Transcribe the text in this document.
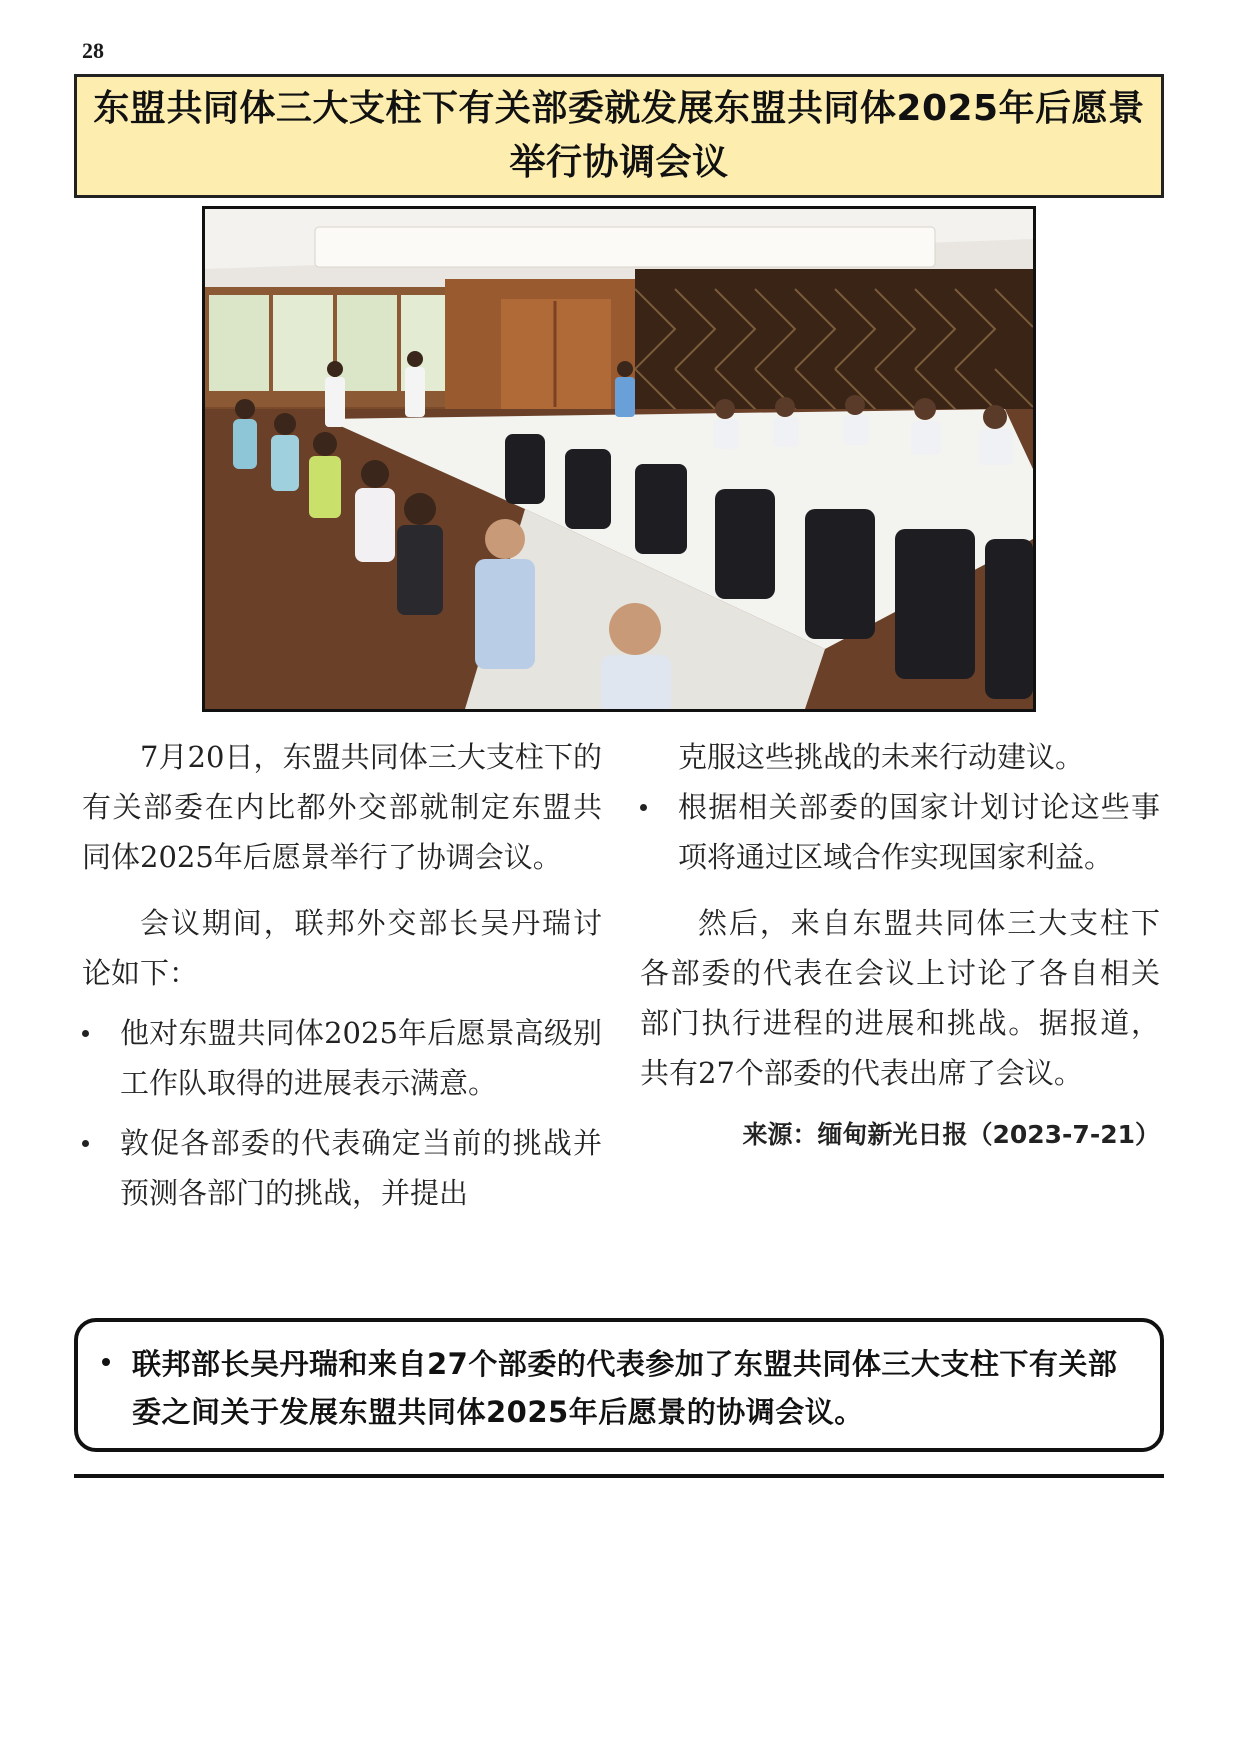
28
东盟共同体三大支柱下有关部委就发展东盟共同体2025年后愿景
举行协调会议

7月20日，东盟共同体三大支柱下的有关部委在内比都外交部就制定东盟共同体2025年后愿景举行了协调会议。

会议期间，联邦外交部长吴丹瑞讨论如下：

他对东盟共同体2025年后愿景高级别工作队取得的进展表示满意。

敦促各部委的代表确定当前的挑战并预测各部门的挑战，并提出

克服这些挑战的未来行动建议。

根据相关部委的国家计划讨论这些事项将通过区域合作实现国家利益。

然后，来自东盟共同体三大支柱下各部委的代表在会议上讨论了各自相关部门执行进程的进展和挑战。据报道，共有27个部委的代表出席了会议。

来源：缅甸新光日报（2023-7-21）

联邦部长吴丹瑞和来自27个部委的代表参加了东盟共同体三大支柱下有关部委之间关于发展东盟共同体2025年后愿景的协调会议。
